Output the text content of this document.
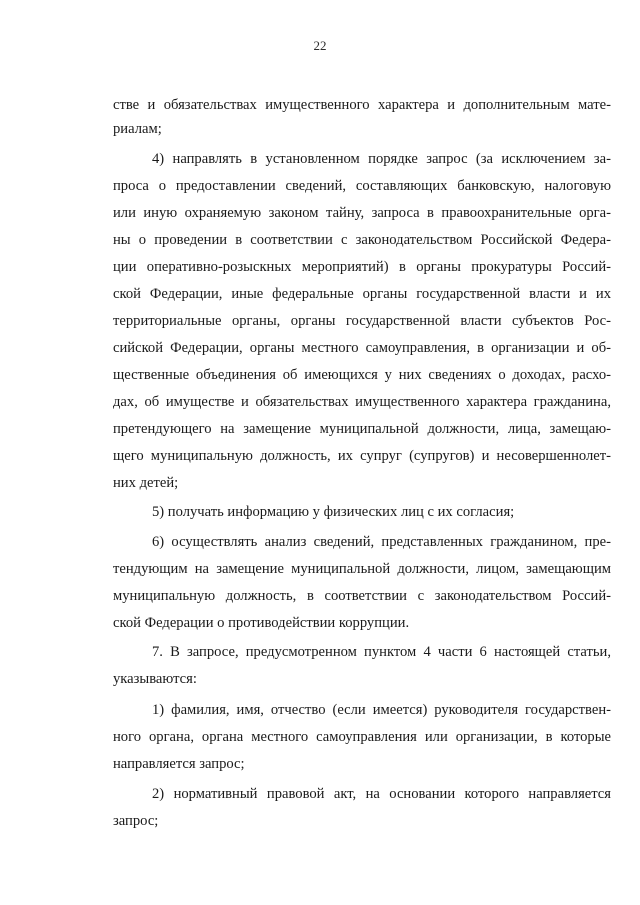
22
стве и обязательствах имущественного характера и дополнительным мате-
риалам;
4) направлять в установленном порядке запрос (за исключением за-
проса о предоставлении сведений, составляющих банковскую, налоговую
или иную охраняемую законом тайну, запроса в правоохранительные орга-
ны о проведении в соответствии с законодательством Российской Федера-
ции оперативно-розыскных мероприятий) в органы прокуратуры Россий-
ской Федерации, иные федеральные органы государственной власти и их
территориальные органы, органы государственной власти субъектов Рос-
сийской Федерации, органы местного самоуправления, в организации и об-
щественные объединения об имеющихся у них сведениях о доходах, расхо-
дах, об имуществе и обязательствах имущественного характера гражданина,
претендующего на замещение муниципальной должности, лица, замещаю-
щего муниципальную должность, их супруг (супругов) и несовершеннолет-
них детей;
5) получать информацию у физических лиц с их согласия;
6) осуществлять анализ сведений, представленных гражданином, пре-
тендующим на замещение муниципальной должности, лицом, замещающим
муниципальную должность, в соответствии с законодательством Россий-
ской Федерации о противодействии коррупции.
7. В запросе, предусмотренном пунктом 4 части 6 настоящей статьи,
указываются:
1) фамилия, имя, отчество (если имеется) руководителя государствен-
ного органа, органа местного самоуправления или организации, в которые
направляется запрос;
2) нормативный правовой акт, на основании которого направляется
запрос;
